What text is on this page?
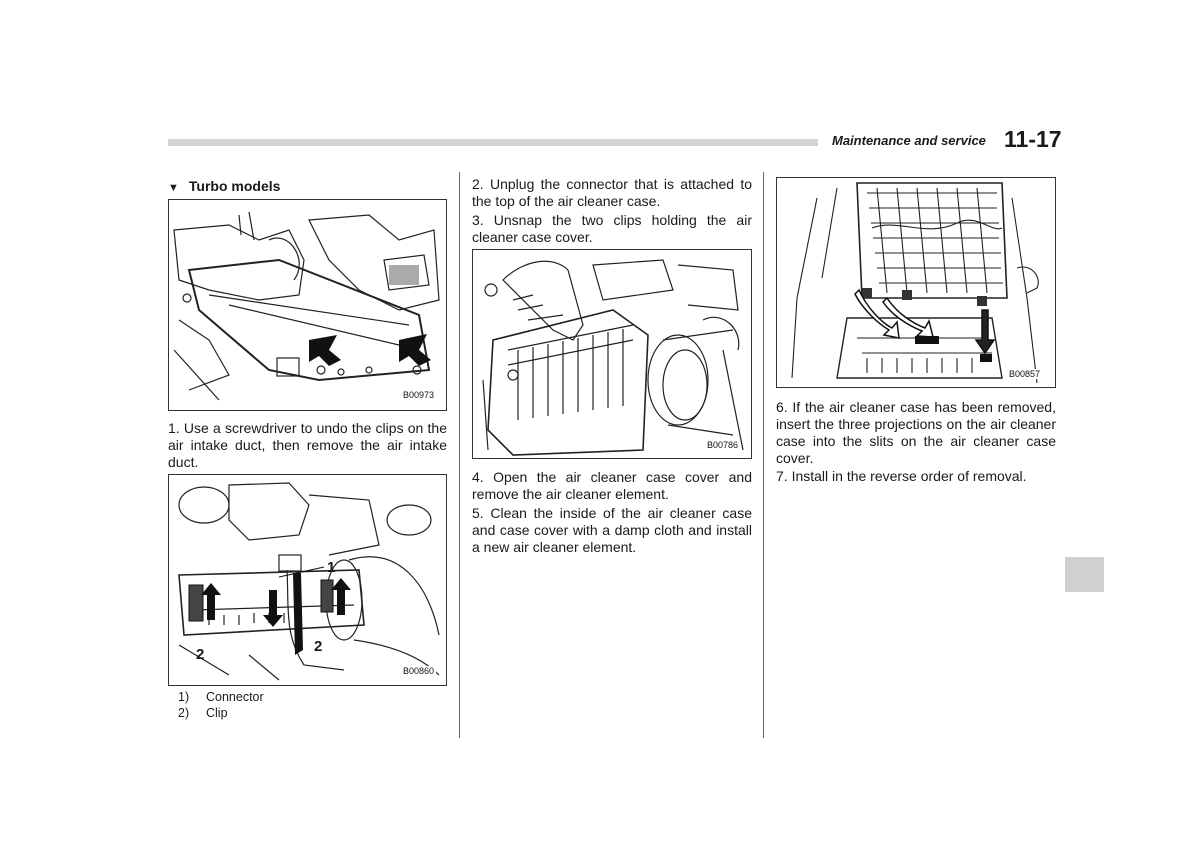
Maintenance and service 11-17
▼ Turbo models
B00973
1. Use a screwdriver to undo the clips on the air intake duct, then remove the air intake duct.
1
2	2
B00860
1) Connector
2) Clip
2. Unplug the connector that is attached to the top of the air cleaner case.
3. Unsnap the two clips holding the air cleaner case cover.
B00786
4. Open the air cleaner case cover and remove the air cleaner element.
5. Clean the inside of the air cleaner case and case cover with a damp cloth and install a new air cleaner element.
B00857
6. If the air cleaner case has been removed, insert the three projections on the air cleaner case into the slits on the air cleaner case cover.
7. Install in the reverse order of removal.
